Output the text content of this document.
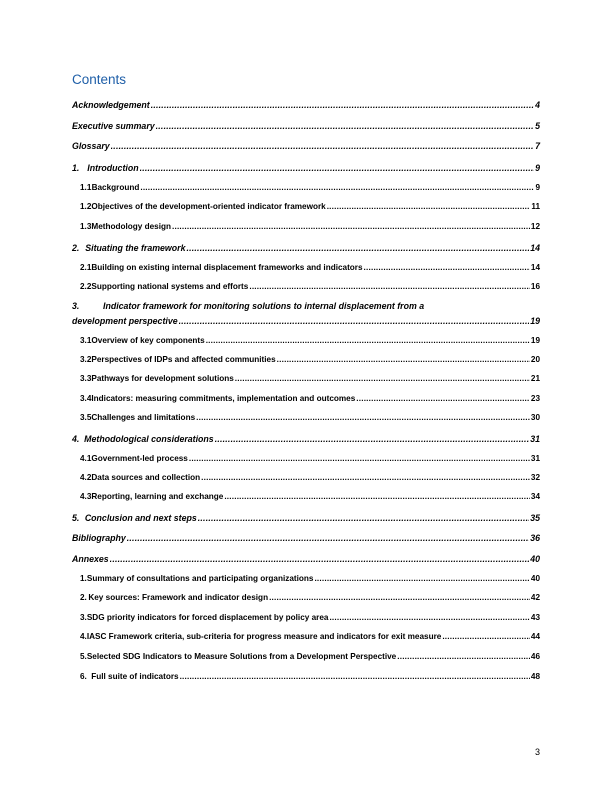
Contents
Acknowledgement .....	4
Executive summary .....	5
Glossary .....	7
1. Introduction .....	9
1.1 Background .....	9
1.2 Objectives of the development-oriented indicator framework .....	11
1.3 Methodology design .....	12
2. Situating the framework .....	14
2.1 Building on existing internal displacement frameworks and indicators .....	14
2.2 Supporting national systems and efforts .....	16
3.	Indicator framework for monitoring solutions to internal displacement from a
development perspective .....	19
3.1 Overview of key components .....	19
3.2 Perspectives of IDPs and affected communities .....	20
3.3 Pathways for development solutions .....	21
3.4 Indicators: measuring commitments, implementation and outcomes .....	23
3.5 Challenges and limitations .....	30
4. Methodological considerations .....	31
4.1 Government-led process .....	31
4.2 Data sources and collection .....	32
4.3 Reporting, learning and exchange .....	34
5. Conclusion and next steps .....	35
Bibliography .....	36
Annexes .....	40
1. Summary of consultations and participating organizations .....	40
2. Key sources: Framework and indicator design .....	42
3. SDG priority indicators for forced displacement by policy area .....	43
4. IASC Framework criteria, sub-criteria for progress measure and indicators for exit measure .....	44
5. Selected SDG Indicators to Measure Solutions from a Development Perspective .....	46
6. Full suite of indicators .....	48
3
